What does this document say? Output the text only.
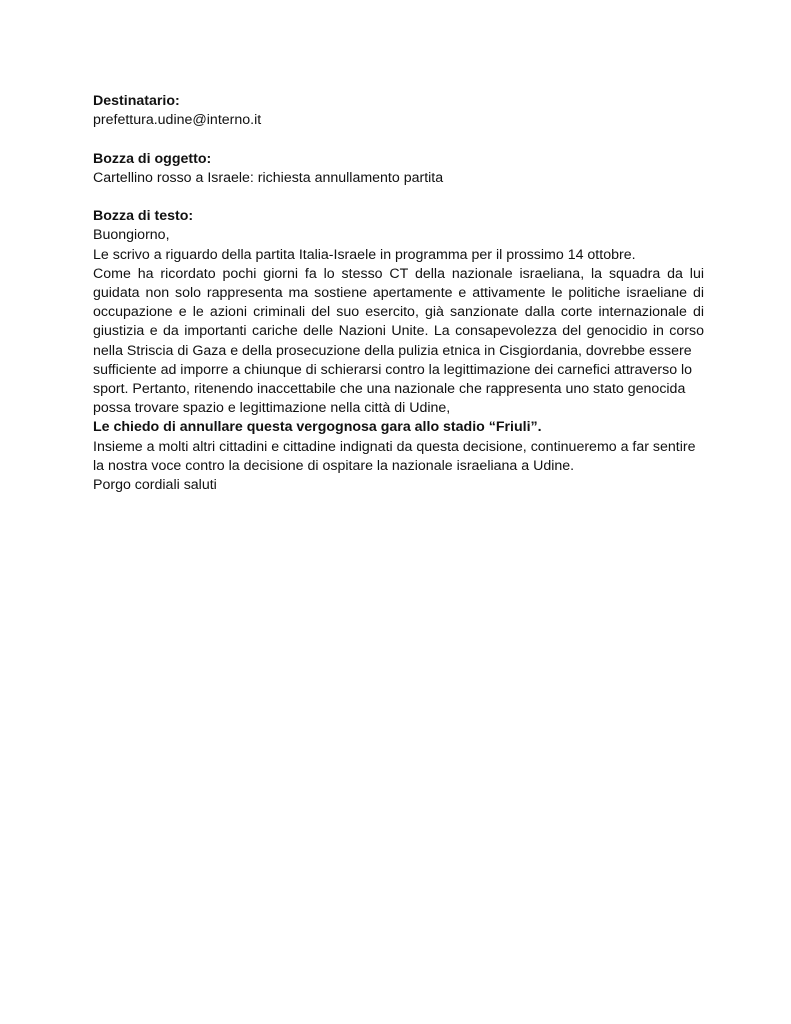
Destinatario:
prefettura.udine@interno.it
Bozza di oggetto:
Cartellino rosso a Israele: richiesta annullamento partita
Bozza di testo:
Buongiorno,
Le scrivo a riguardo della partita Italia-Israele in programma per il prossimo 14 ottobre.
Come ha ricordato pochi giorni fa lo stesso CT della nazionale israeliana, la squadra da lui
guidata non solo rappresenta ma sostiene apertamente e attivamente le politiche israeliane di
occupazione e le azioni criminali del suo esercito, già sanzionate dalla corte internazionale di
giustizia e da importanti cariche delle Nazioni Unite. La consapevolezza del genocidio in corso
nella Striscia di Gaza e della prosecuzione della pulizia etnica in Cisgiordania, dovrebbe essere
sufficiente ad imporre a chiunque di schierarsi contro la legittimazione dei carnefici attraverso lo
sport. Pertanto, ritenendo inaccettabile che una nazionale che rappresenta uno stato genocida
possa trovare spazio e legittimazione nella città di Udine,
Le chiedo di annullare questa vergognosa gara allo stadio “Friuli”.
Insieme a molti altri cittadini e cittadine indignati da questa decisione, continueremo a far sentire
la nostra voce contro la decisione di ospitare la nazionale israeliana a Udine.
Porgo cordiali saluti
